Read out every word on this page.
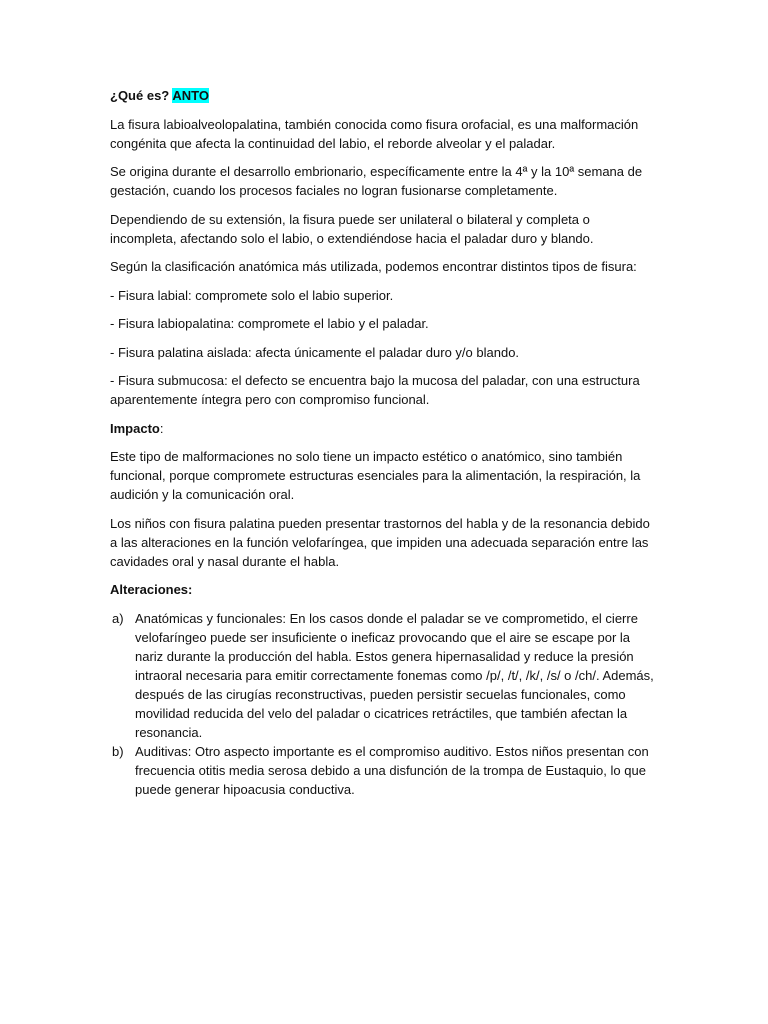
¿Qué es? ANTO

La fisura labioalveolopalatina, también conocida como fisura orofacial, es una malformación congénita que afecta la continuidad del labio, el reborde alveolar y el paladar.

Se origina durante el desarrollo embrionario, específicamente entre la 4ª y la 10ª semana de gestación, cuando los procesos faciales no logran fusionarse completamente.

Dependiendo de su extensión, la fisura puede ser unilateral o bilateral y completa o incompleta, afectando solo el labio, o extendiéndose hacia el paladar duro y blando.

Según la clasificación anatómica más utilizada, podemos encontrar distintos tipos de fisura:

- Fisura labial: compromete solo el labio superior.

- Fisura labiopalatina: compromete el labio y el paladar.

- Fisura palatina aislada: afecta únicamente el paladar duro y/o blando.

- Fisura submucosa: el defecto se encuentra bajo la mucosa del paladar, con una estructura aparentemente íntegra pero con compromiso funcional.

Impacto:

Este tipo de malformaciones no solo tiene un impacto estético o anatómico, sino también funcional, porque compromete estructuras esenciales para la alimentación, la respiración, la audición y la comunicación oral.

Los niños con fisura palatina pueden presentar trastornos del habla y de la resonancia debido a las alteraciones en la función velofaríngea, que impiden una adecuada separación entre las cavidades oral y nasal durante el habla.

Alteraciones:

a) Anatómicas y funcionales: En los casos donde el paladar se ve comprometido, el cierre velofaríngeo puede ser insuficiente o ineficaz provocando que el aire se escape por la nariz durante la producción del habla. Estos genera hipernasalidad y reduce la presión intraoral necesaria para emitir correctamente fonemas como /p/, /t/, /k/, /s/ o /ch/. Además, después de las cirugías reconstructivas, pueden persistir secuelas funcionales, como movilidad reducida del velo del paladar o cicatrices retráctiles, que también afectan la resonancia.
b) Auditivas: Otro aspecto importante es el compromiso auditivo. Estos niños presentan con frecuencia otitis media serosa debido a una disfunción de la trompa de Eustaquio, lo que puede generar hipoacusia conductiva.
